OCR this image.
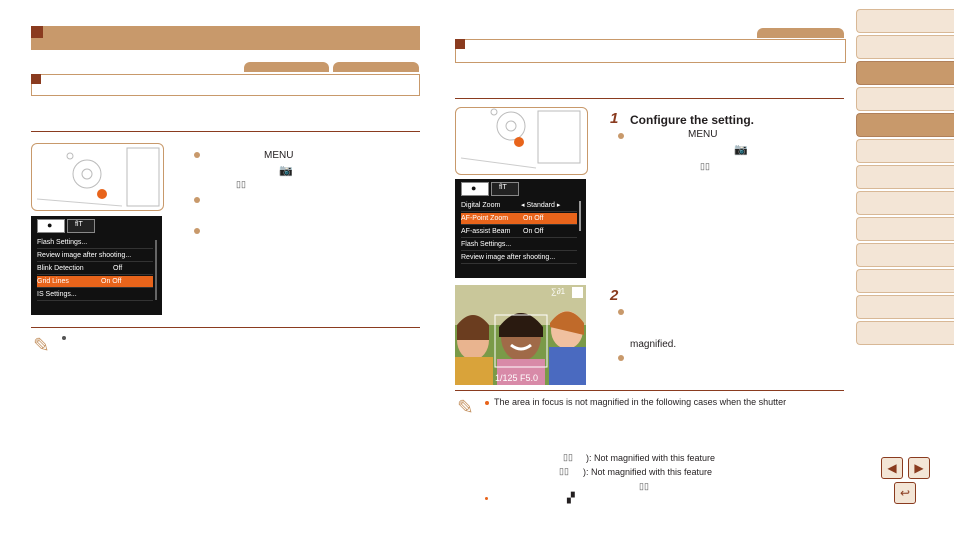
●	ﬂT
Flash Settings...
Review image after shooting...
Blink Detection	Off
Grid Lines	On Off
IS Settings...
MENU
📷
▯▯
✎
●	ﬂT
Digital Zoom	◂ Standard ▸
AF-Point Zoom On Off
AF-assist Beam On Off
Flash Settings...
Review image after shooting...
∑∂1
1/125 F5.0
1 Configure the setting.
MENU
📷
▯▯
2
magnified.
✎ The area in focus is not magnified in the following cases when the shutter
▯▯ ): Not magnified with this feature
▯▯ ): Not magnified with this feature
▯▯
▞
◀	▶
↩
